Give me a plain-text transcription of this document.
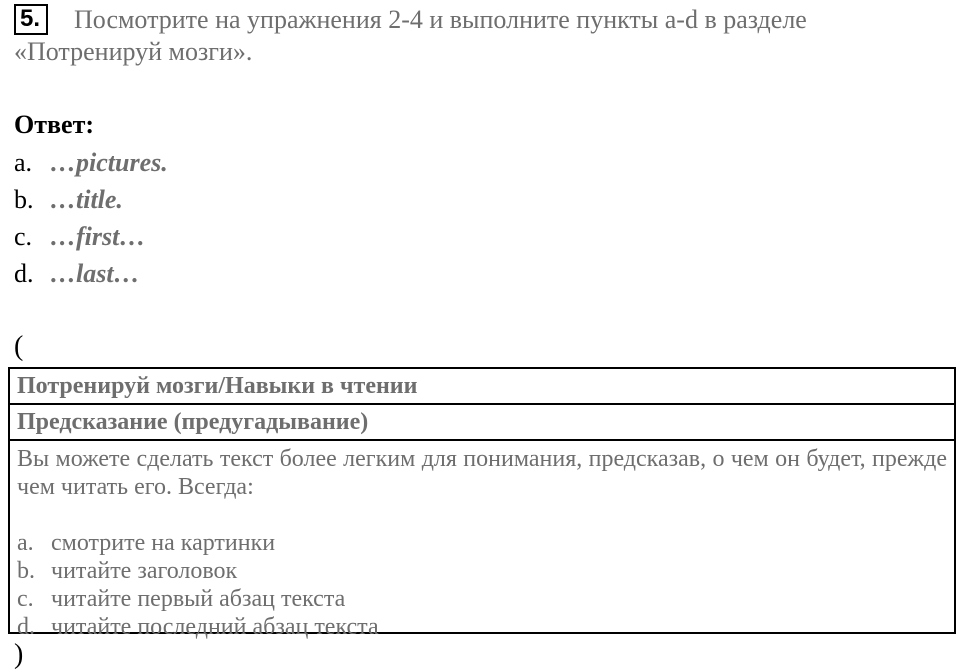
5. Посмотрите на упражнения 2-4 и выполните пункты a-d в разделе «Потренируй мозги».
Ответ:
a. …pictures.
b. …title.
c. …first…
d. …last…
(
Потренируй мозги/Навыки в чтении
Предсказание (предугадывание)

Вы можете сделать текст более легким для понимания, предсказав, о чем он будет, прежде чем читать его. Всегда:

a. смотрите на картинки
b. читайте заголовок
c. читайте первый абзац текста
d. читайте последний абзац текста
)
